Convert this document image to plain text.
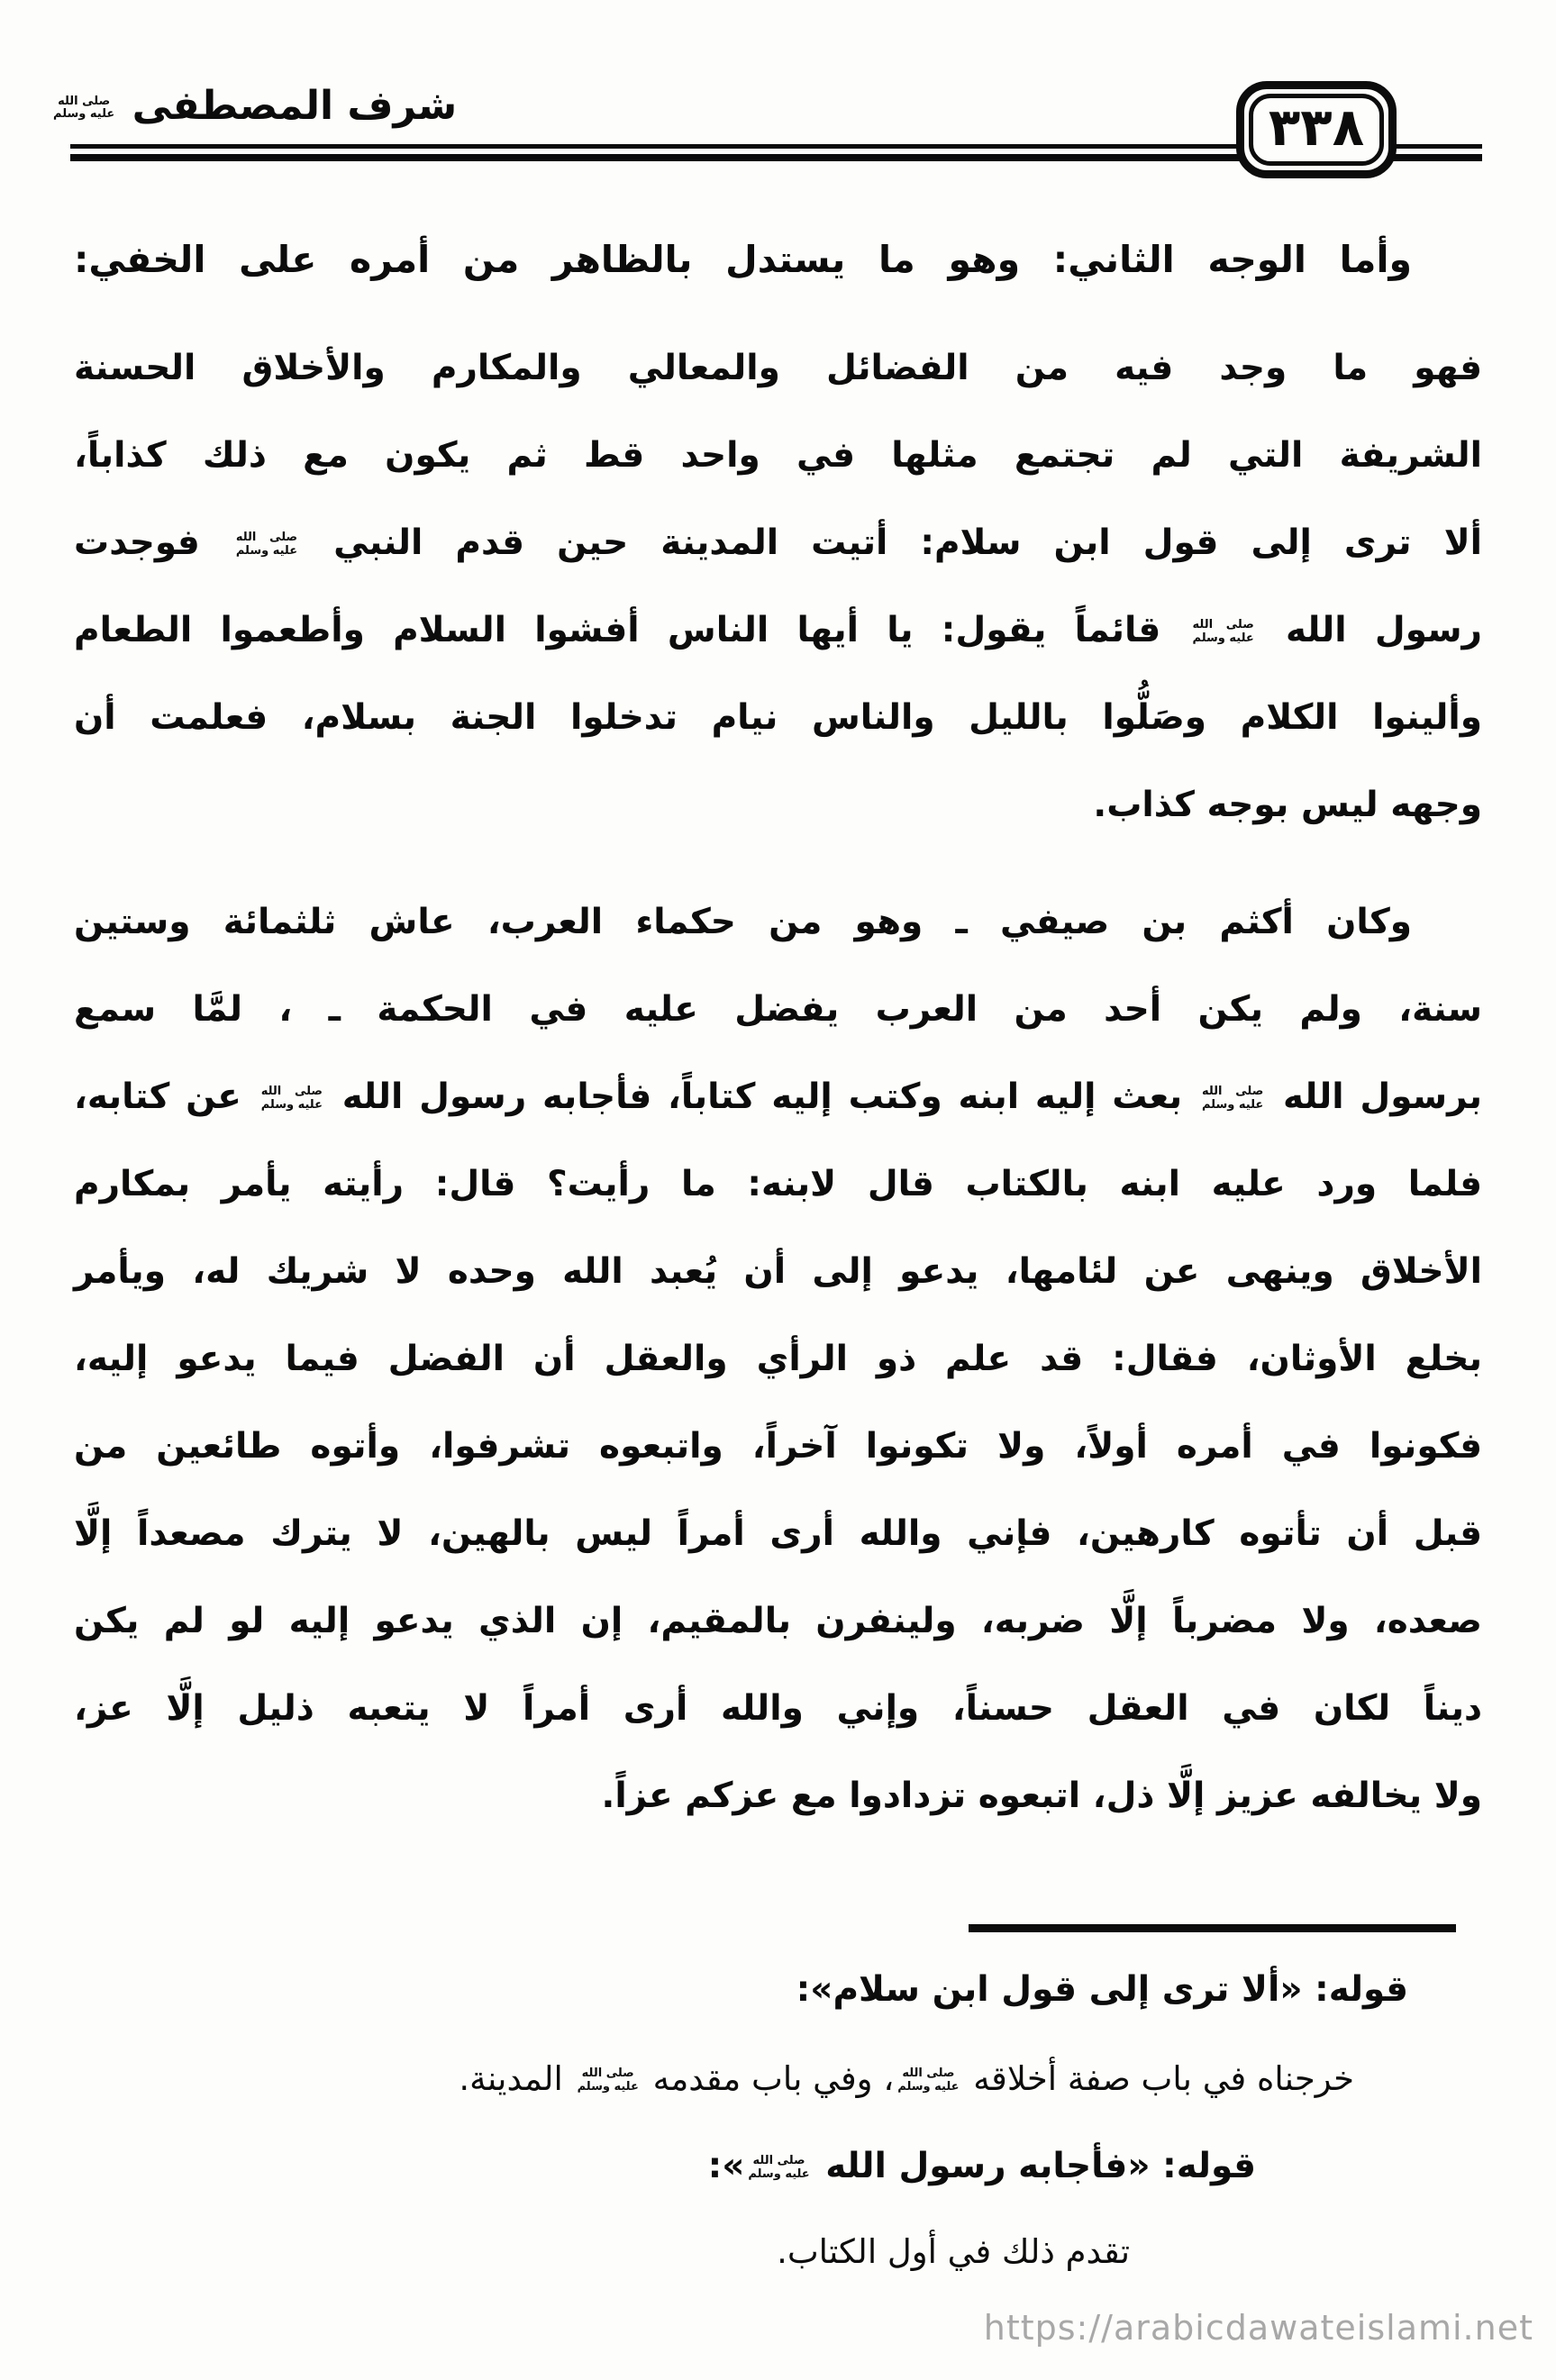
شرف المصطفى صلى الله
عليه وسلم	٣٣٨
وأما الوجه الثاني: وهو ما يستدل بالظاهر من أمره على الخفي:
فهو ما وجد فيه من الفضائل والمعالي والمكارم والأخلاق الحسنة
الشريفة التي لم تجتمع مثلها في واحد قط ثم يكون مع ذلك كذاباً،
ألا ترى إلى قول ابن سلام: أتيت المدينة حين قدم النبي صلى الله
عليه وسلم فوجدت
رسول الله صلى الله
عليه وسلم قائماً يقول: يا أيها الناس أفشوا السلام وأطعموا الطعام
وألينوا الكلام وصَلُّوا بالليل والناس نيام تدخلوا الجنة بسلام، فعلمت أن
وجهه ليس بوجه كذاب.
وكان أكثم بن صيفي ـ وهو من حكماء العرب، عاش ثلثمائة وستين
سنة، ولم يكن أحد من العرب يفضل عليه في الحكمة ـ ، لمَّا سمع
برسول الله صلى الله
عليه وسلم بعث إليه ابنه وكتب إليه كتاباً، فأجابه رسول الله صلى الله
عليه وسلم عن كتابه،
فلما ورد عليه ابنه بالكتاب قال لابنه: ما رأيت؟ قال: رأيته يأمر بمكارم
الأخلاق وينهى عن لئامها، يدعو إلى أن يُعبد الله وحده لا شريك له، ويأمر
بخلع الأوثان، فقال: قد علم ذو الرأي والعقل أن الفضل فيما يدعو إليه،
فكونوا في أمره أولاً، ولا تكونوا آخراً، واتبعوه تشرفوا، وأتوه طائعين من
قبل أن تأتوه كارهين، فإني والله أرى أمراً ليس بالهين، لا يترك مصعداً إلَّا
صعده، ولا مضرباً إلَّا ضربه، ولينفرن بالمقيم، إن الذي يدعو إليه لو لم يكن
ديناً لكان في العقل حسناً، وإني والله أرى أمراً لا يتعبه ذليل إلَّا عز،
ولا يخالفه عزيز إلَّا ذل، اتبعوه تزدادوا مع عزكم عزاً.
قوله: «ألا ترى إلى قول ابن سلام»:
خرجناه في باب صفة أخلاقه صلى الله
عليه وسلم، وفي باب مقدمه صلى الله
عليه وسلم المدينة.
قوله: «فأجابه رسول الله صلى الله
عليه وسلم»:
تقدم ذلك في أول الكتاب.
https://arabicdawateislami.net
